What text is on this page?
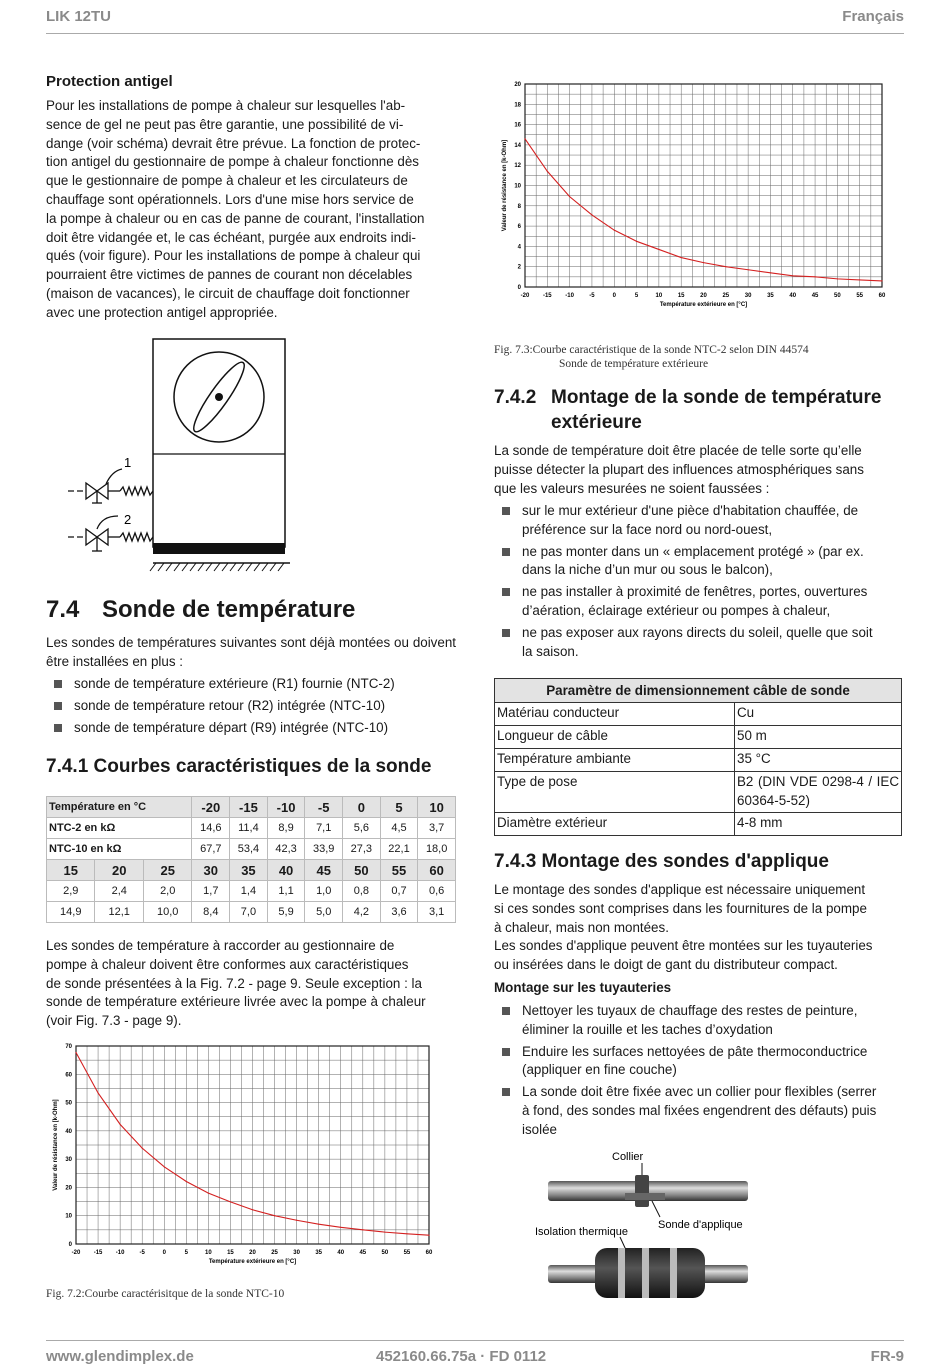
LIK 12TU	Français
Protection antigel
Pour les installations de pompe à chaleur sur lesquelles l'ab-
sence de gel ne peut pas être garantie, une possibilité de vi-
dange (voir schéma) devrait être prévue. La fonction de protec-
tion antigel du gestionnaire de pompe à chaleur fonctionne dès
que le gestionnaire de pompe à chaleur et les circulateurs de
chauffage sont opérationnels. Lors d'une mise hors service de
la pompe à chaleur ou en cas de panne de courant, l'installation
doit être vidangée et, le cas échéant, purgée aux endroits indi-
qués (voir figure). Pour les installations de pompe à chaleur qui
pourraient être victimes de pannes de courant non décelables
(maison de vacances), le circuit de chauffage doit fonctionner
avec une protection antigel appropriée.
1
2
7.4 Sonde de température
Les sondes de températures suivantes sont déjà montées ou doivent être installées en plus :
sonde de température extérieure (R1) fournie (NTC-2)
sonde de température retour (R2) intégrée (NTC-10)
sonde de température départ (R9) intégrée (NTC-10)
7.4.1 Courbes caractéristiques de la sonde
Température en °C			-20	-15	-10	-5	0	5	10
NTC-2 en kΩ			14,6	11,4	8,9	7,1	5,6	4,5	3,7
NTC-10 en kΩ			67,7	53,4	42,3	33,9	27,3	22,1	18,0
15	20	25	30	35	40	45	50	55	60
2,9	2,4	2,0	1,7	1,4	1,1	1,0	0,8	0,7	0,6
14,9	12,1	10,0	8,4	7,0	5,9	5,0	4,2	3,6	3,1
Les sondes de température à raccorder au gestionnaire de
pompe à chaleur doivent être conformes aux caractéristiques
de sonde présentées à la Fig. 7.2 - page 9. Seule exception : la
sonde de température extérieure livrée avec la pompe à chaleur
(voir Fig. 7.3 - page 9).
-20 -15 -10	-5	0	5	10	15	20	25	30	35	40	45	50	55	60
0
10
20
30
40
50
60
70
Température extérieure en [°C]
Valeur de résistance en [k-Ohm]
Fig. 7.2:Courbe caractérisitque de la sonde NTC-10
-20 -15 -10	-5	0	5	10	15	20	25	30	35	40	45	50	55	60
0
2
4
6
8
10
12
14
16
18
20
Température extérieure en [°C]
Valeur de résistance en [k-Ohm]
Fig. 7.3:Courbe caractéristique de la sonde NTC-2 selon DIN 44574
Sonde de température extérieure
7.4.2 Montage de la sonde de température
extérieure
La sonde de température doit être placée de telle sorte qu’elle
puisse détecter la plupart des influences atmosphériques sans
que les valeurs mesurées ne soient faussées :
sur le mur extérieur d'une pièce d'habitation chauffée, de
préférence sur la face nord ou nord-ouest,
ne pas monter dans un « emplacement protégé » (par ex.
dans la niche d’un mur ou sous le balcon),
ne pas installer à proximité de fenêtres, portes, ouvertures
d’aération, éclairage extérieur ou pompes à chaleur,
ne pas exposer aux rayons directs du soleil, quelle que soit
la saison.
Paramètre de dimensionnement câble de sonde	
Matériau conducteur	Cu
Longueur de câble	50 m
Température ambiante	35 °C
Type de pose	B2 (DIN VDE 0298-4 / IEC 60364-5-52)
Diamètre extérieur	4-8 mm
7.4.3 Montage des sondes d'applique
Le montage des sondes d'applique est nécessaire uniquement
si ces sondes sont comprises dans les fournitures de la pompe
à chaleur, mais non montées.
Les sondes d'applique peuvent être montées sur les tuyauteries
ou insérées dans le doigt de gant du distributeur compact.
Montage sur les tuyauteries
Nettoyer les tuyaux de chauffage des restes de peinture,
éliminer la rouille et les taches d’oxydation
Enduire les surfaces nettoyées de pâte thermoconductrice
(appliquer en fine couche)
La sonde doit être fixée avec un collier pour flexibles (serrer
à fond, des sondes mal fixées engendrent des défauts) puis
isolée
Collier
Sonde d'applique
Isolation thermique
www.glendimplex.de	452160.66.75a · FD 0112	FR-9
